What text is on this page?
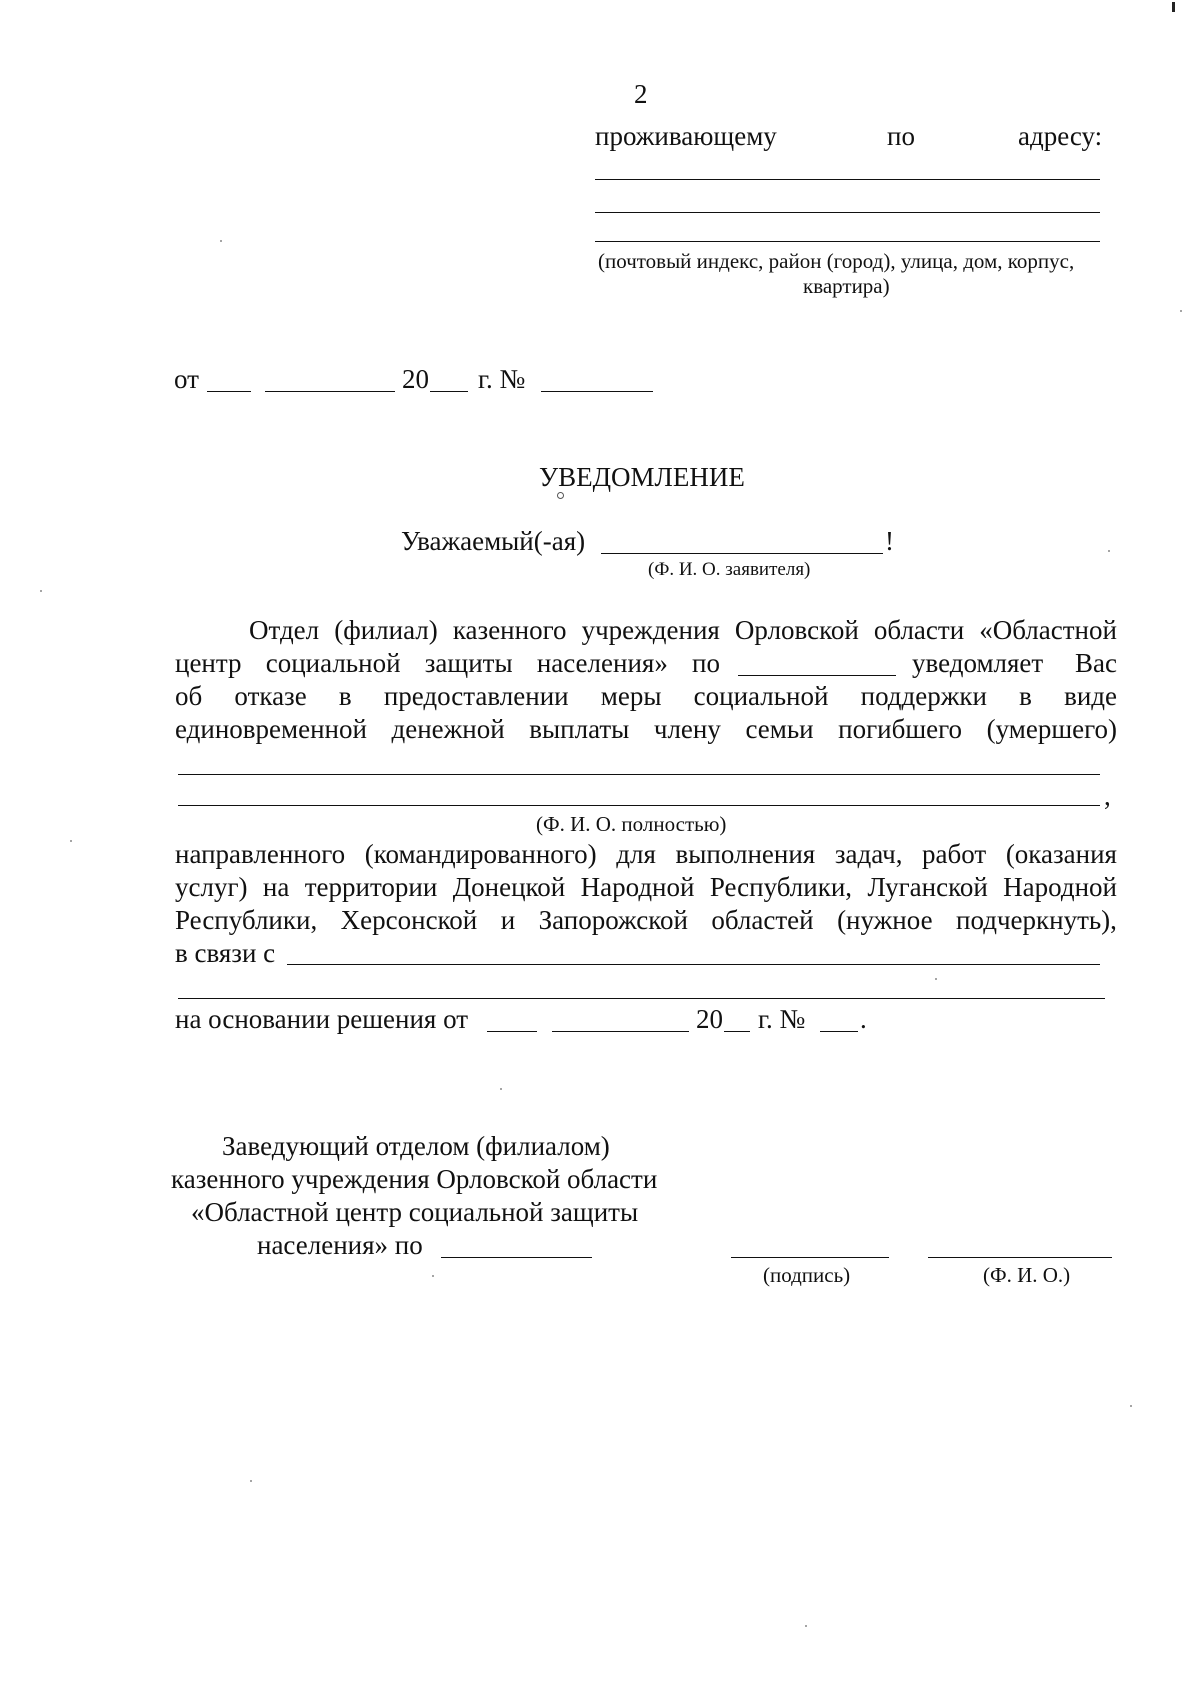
2
проживающему	по	адресу:
(почтовый индекс, район (город), улица, дом, корпус,
квартира)
от	20 г. №
УВЕДОМЛЕНИЕ
Уважаемый(-ая)	!
(Ф. И. О. заявителя)
Отдел (филиал) казенного учреждения Орловской области «Областной
центр социальной защиты населения» по	уведомляет Вас
об отказе в предоставлении меры социальной поддержки в виде
единовременной денежной выплаты члену семьи погибшего (умершего)
,
(Ф. И. О. полностью)
направленного (командированного) для выполнения задач, работ (оказания
услуг) на территории Донецкой Народной Республики, Луганской Народной
Республики, Херсонской и Запорожской областей (нужное подчеркнуть),
в связи с
на основании решения от	20 г. № .
Заведующий отделом (филиалом)
казенного учреждения Орловской области
«Областной центр социальной защиты
населения» по
(подпись)	(Ф. И. О.)
